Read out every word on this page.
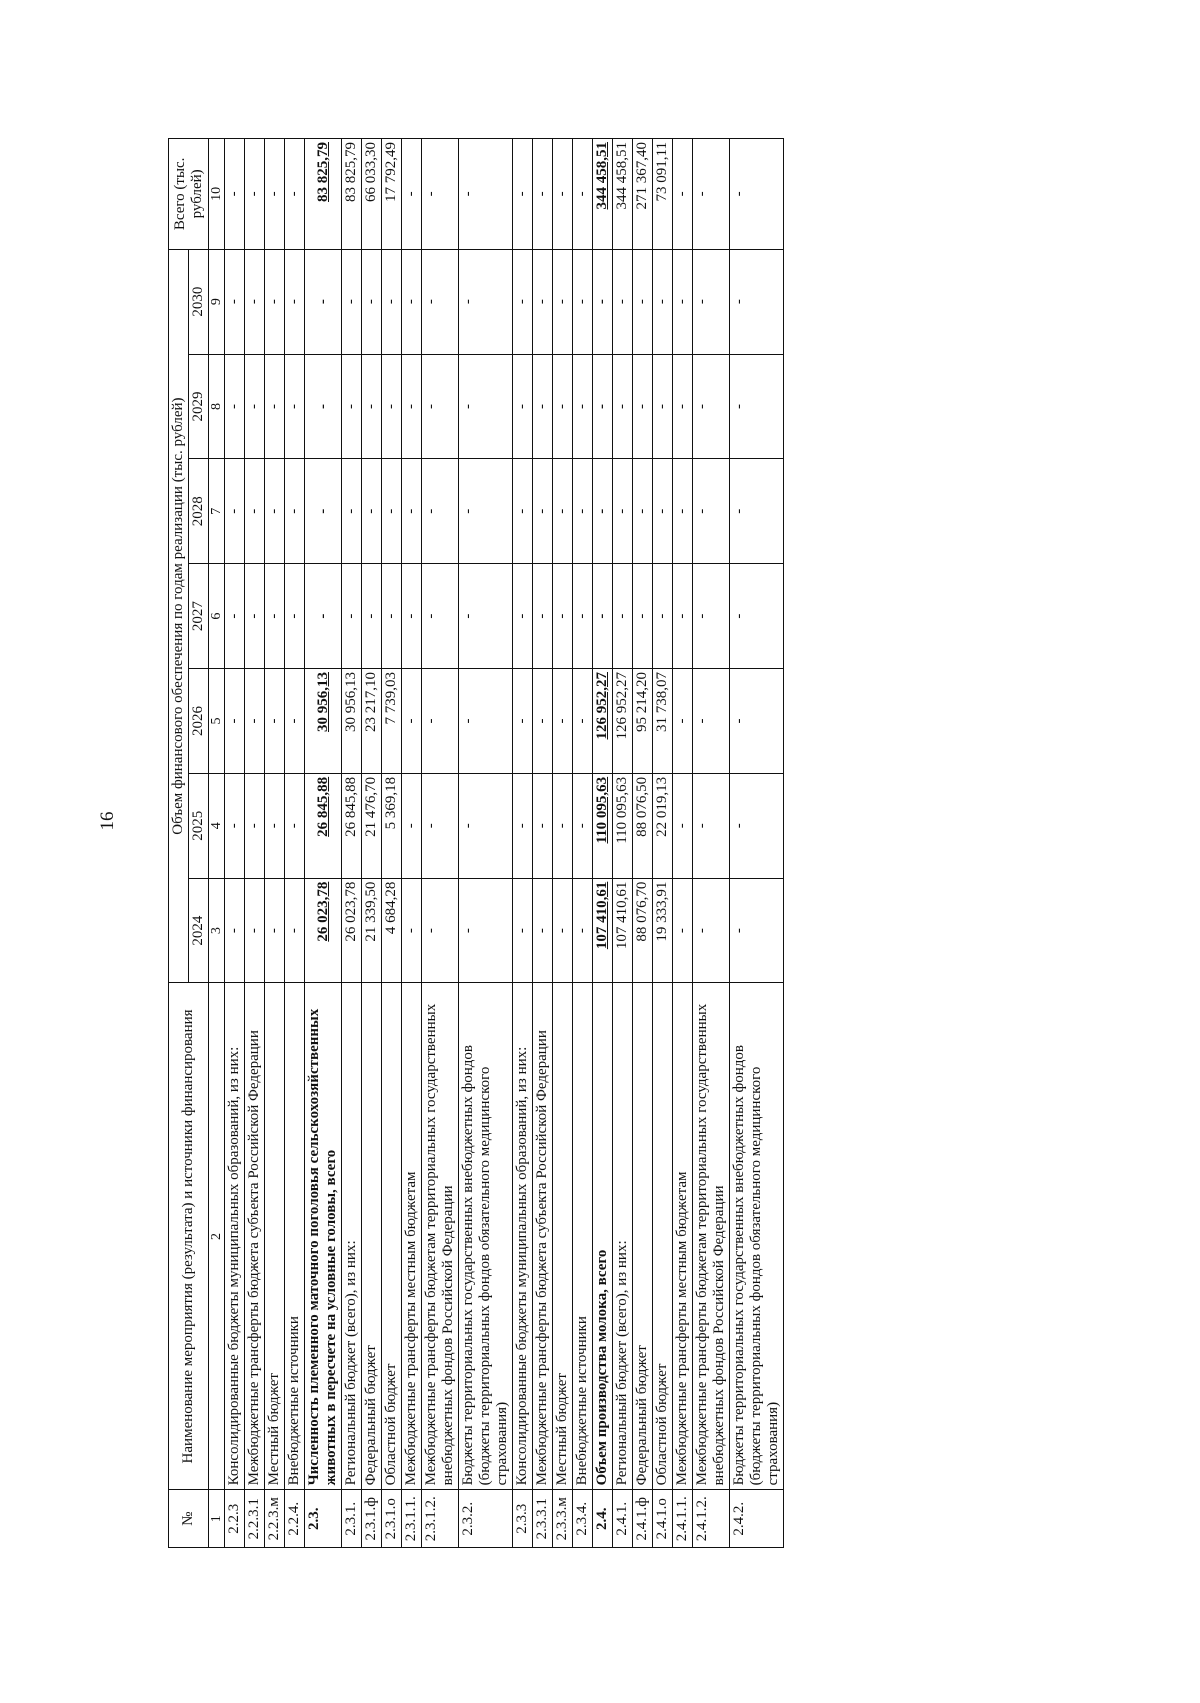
16
№	Наименование мероприятия (результата) и источники финансирования	Объем финансового обеспечения по годам реализации (тыс. рублей)							Всего (тыс. рублей)
		2024	2025	2026	2027	2028	2029	2030	
1	2	3	4	5	6	7	8	9	10
2.2.3	Консолидированные бюджеты муниципальных образований, из них:	-	-	-	-	-	-	-	-
2.2.3.1	Межбюджетные трансферты бюджета субъекта Российской Федерации	-	-	-	-	-	-	-	-
2.2.3.м	Местный бюджет	-	-	-	-	-	-	-	-
2.2.4.	Внебюджетные источники	-	-	-	-	-	-	-	-
2.3.	Численность племенного маточного поголовья сельскохозяйственных животных в пересчете на условные головы, всего	26 023,78	26 845,88	30 956,13	-	-	-	-	83 825,79
2.3.1.	Региональный бюджет (всего), из них:	26 023,78	26 845,88	30 956,13	-	-	-	-	83 825,79
2.3.1.ф	Федеральный бюджет	21 339,50	21 476,70	23 217,10	-	-	-	-	66 033,30
2.3.1.о	Областной бюджет	4 684,28	5 369,18	7 739,03	-	-	-	-	17 792,49
2.3.1.1.	Межбюджетные трансферты местным бюджетам	-	-	-	-	-	-	-	-
2.3.1.2.	Межбюджетные трансферты бюджетам территориальных государственных внебюджетных фондов Российской Федерации	-	-	-	-	-	-	-	-
2.3.2.	Бюджеты территориальных государственных внебюджетных фондов (бюджеты территориальных фондов обязательного медицинского страхования)	-	-	-	-	-	-	-	-
2.3.3	Консолидированные бюджеты муниципальных образований, из них:	-	-	-	-	-	-	-	-
2.3.3.1	Межбюджетные трансферты бюджета субъекта Российской Федерации	-	-	-	-	-	-	-	-
2.3.3.м	Местный бюджет	-	-	-	-	-	-	-	-
2.3.4.	Внебюджетные источники	-	-	-	-	-	-	-	-
2.4.	Объем производства молока, всего	107 410,61	110 095,63	126 952,27	-	-	-	-	344 458,51
2.4.1.	Региональный бюджет (всего), из них:	107 410,61	110 095,63	126 952,27	-	-	-	-	344 458,51
2.4.1.ф	Федеральный бюджет	88 076,70	88 076,50	95 214,20	-	-	-	-	271 367,40
2.4.1.о	Областной бюджет	19 333,91	22 019,13	31 738,07	-	-	-	-	73 091,11
2.4.1.1.	Межбюджетные трансферты местным бюджетам	-	-	-	-	-	-	-	-
2.4.1.2.	Межбюджетные трансферты бюджетам территориальных государственных внебюджетных фондов Российской Федерации	-	-	-	-	-	-	-	-
2.4.2.	Бюджеты территориальных государственных внебюджетных фондов (бюджеты территориальных фондов обязательного медицинского страхования)	-	-	-	-	-	-	-	-
